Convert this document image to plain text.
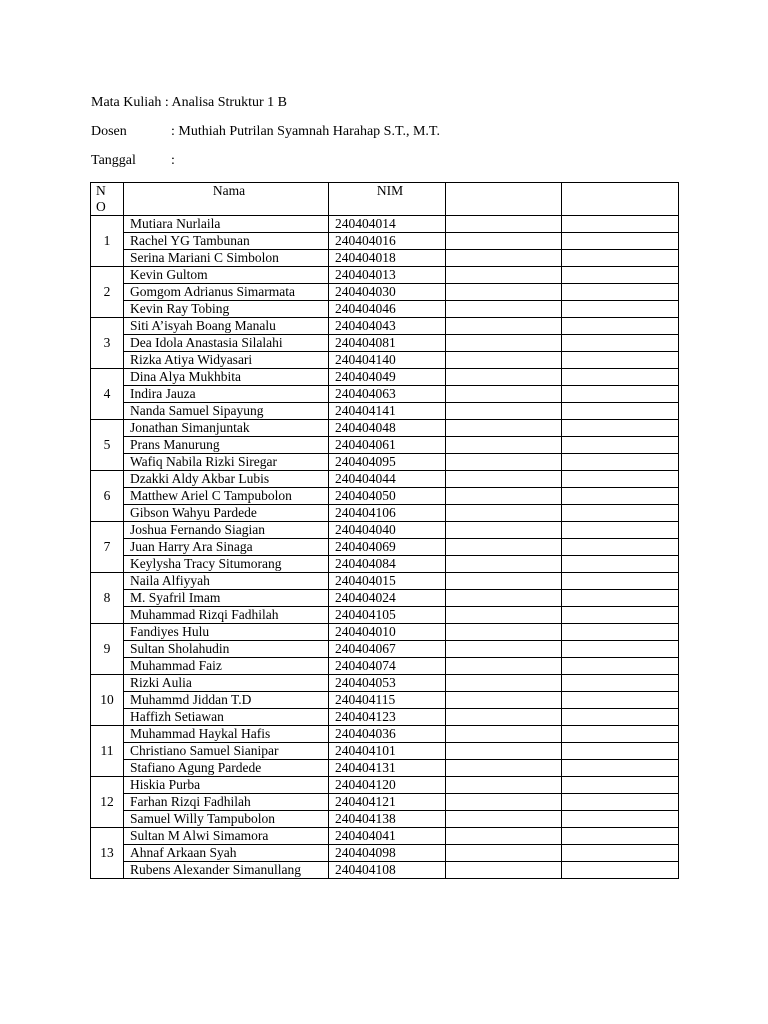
Mata Kuliah : Analisa Struktur 1 B
Dosen	: Muthiah Putrilan Syamnah Harahap S.T., M.T.
Tanggal	:
N
O	Nama	NIM		
1	Mutiara Nurlaila	240404014		
	Rachel YG Tambunan	240404016		
	Serina Mariani C Simbolon	240404018		
2	Kevin Gultom	240404013		
	Gomgom Adrianus Simarmata	240404030		
	Kevin Ray Tobing	240404046		
3	Siti A’isyah Boang Manalu	240404043		
	Dea Idola Anastasia Silalahi	240404081		
	Rizka Atiya Widyasari	240404140		
4	Dina Alya Mukhbita	240404049		
	Indira Jauza	240404063		
	Nanda Samuel Sipayung	240404141		
5	Jonathan Simanjuntak	240404048		
	Prans Manurung	240404061		
	Wafiq Nabila Rizki Siregar	240404095		
6	Dzakki Aldy Akbar Lubis	240404044		
	Matthew Ariel C Tampubolon	240404050		
	Gibson Wahyu Pardede	240404106		
7	Joshua Fernando Siagian	240404040		
	Juan Harry Ara Sinaga	240404069		
	Keylysha Tracy Situmorang	240404084		
8	Naila Alfiyyah	240404015		
	M. Syafril Imam	240404024		
	Muhammad Rizqi Fadhilah	240404105		
9	Fandiyes Hulu	240404010		
	Sultan Sholahudin	240404067		
	Muhammad Faiz	240404074		
10	Rizki Aulia	240404053		
	Muhammd Jiddan T.D	240404115		
	Haffizh Setiawan	240404123		
11	Muhammad Haykal Hafis	240404036		
	Christiano Samuel Sianipar	240404101		
	Stafiano Agung Pardede	240404131		
12	Hiskia Purba	240404120		
	Farhan Rizqi Fadhilah	240404121		
	Samuel Willy Tampubolon	240404138		
13	Sultan M Alwi Simamora	240404041		
	Ahnaf Arkaan Syah	240404098		
	Rubens Alexander Simanullang	240404108		
